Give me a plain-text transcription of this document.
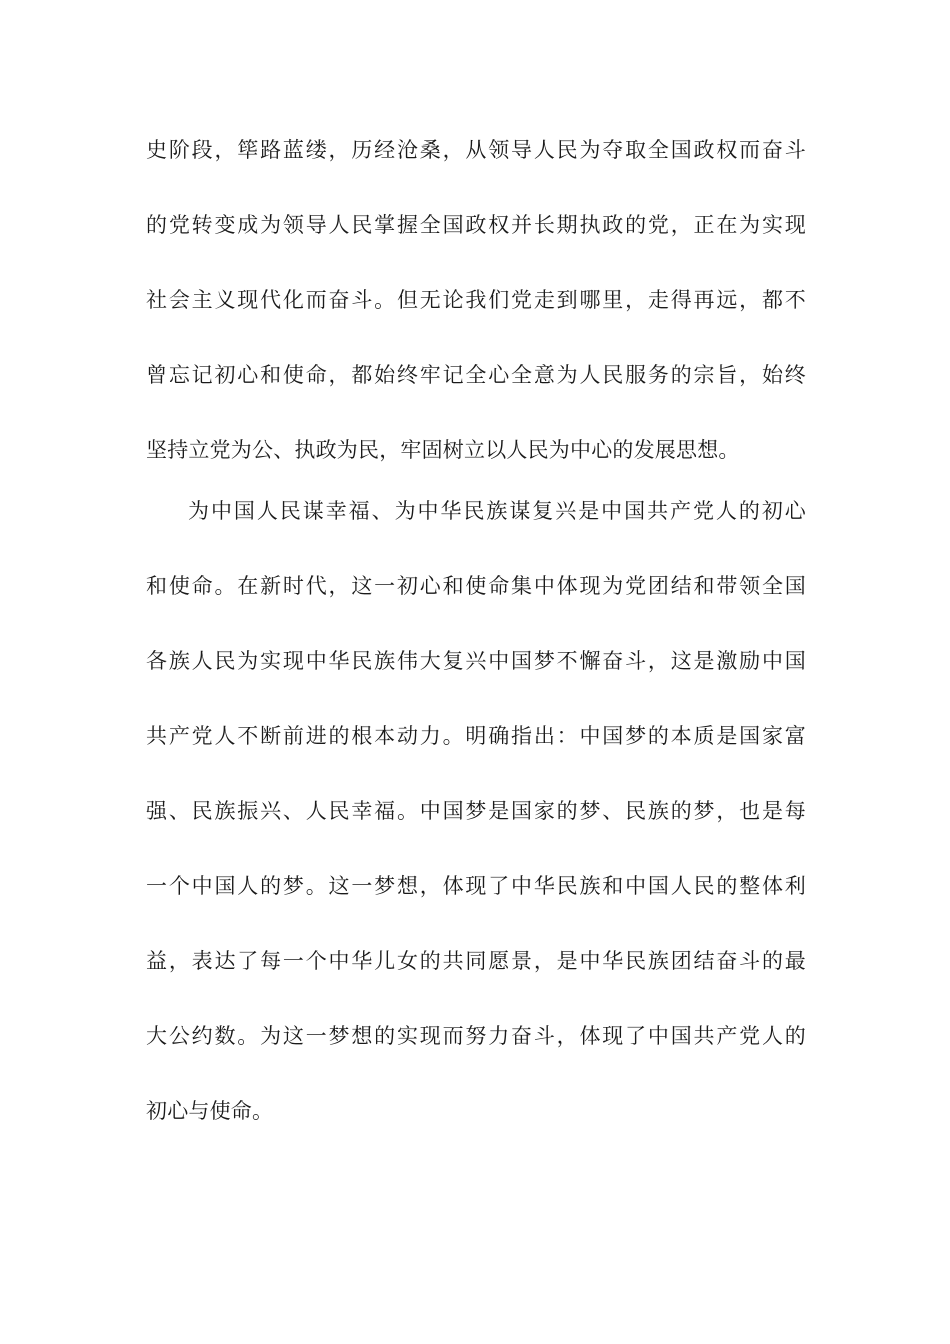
史阶段，筚路蓝缕，历经沧桑，从领导人民为夺取全国政权而奋斗
的党转变成为领导人民掌握全国政权并长期执政的党，正在为实现
社会主义现代化而奋斗。但无论我们党走到哪里，走得再远，都不
曾忘记初心和使命，都始终牢记全心全意为人民服务的宗旨，始终
坚持立党为公、执政为民，牢固树立以人民为中心的发展思想。
为中国人民谋幸福、为中华民族谋复兴是中国共产党人的初心
和使命。在新时代，这一初心和使命集中体现为党团结和带领全国
各族人民为实现中华民族伟大复兴中国梦不懈奋斗，这是激励中国
共产党人不断前进的根本动力。明确指出：中国梦的本质是国家富
强、民族振兴、人民幸福。中国梦是国家的梦、民族的梦，也是每
一个中国人的梦。这一梦想，体现了中华民族和中国人民的整体利
益，表达了每一个中华儿女的共同愿景，是中华民族团结奋斗的最
大公约数。为这一梦想的实现而努力奋斗，体现了中国共产党人的
初心与使命。
